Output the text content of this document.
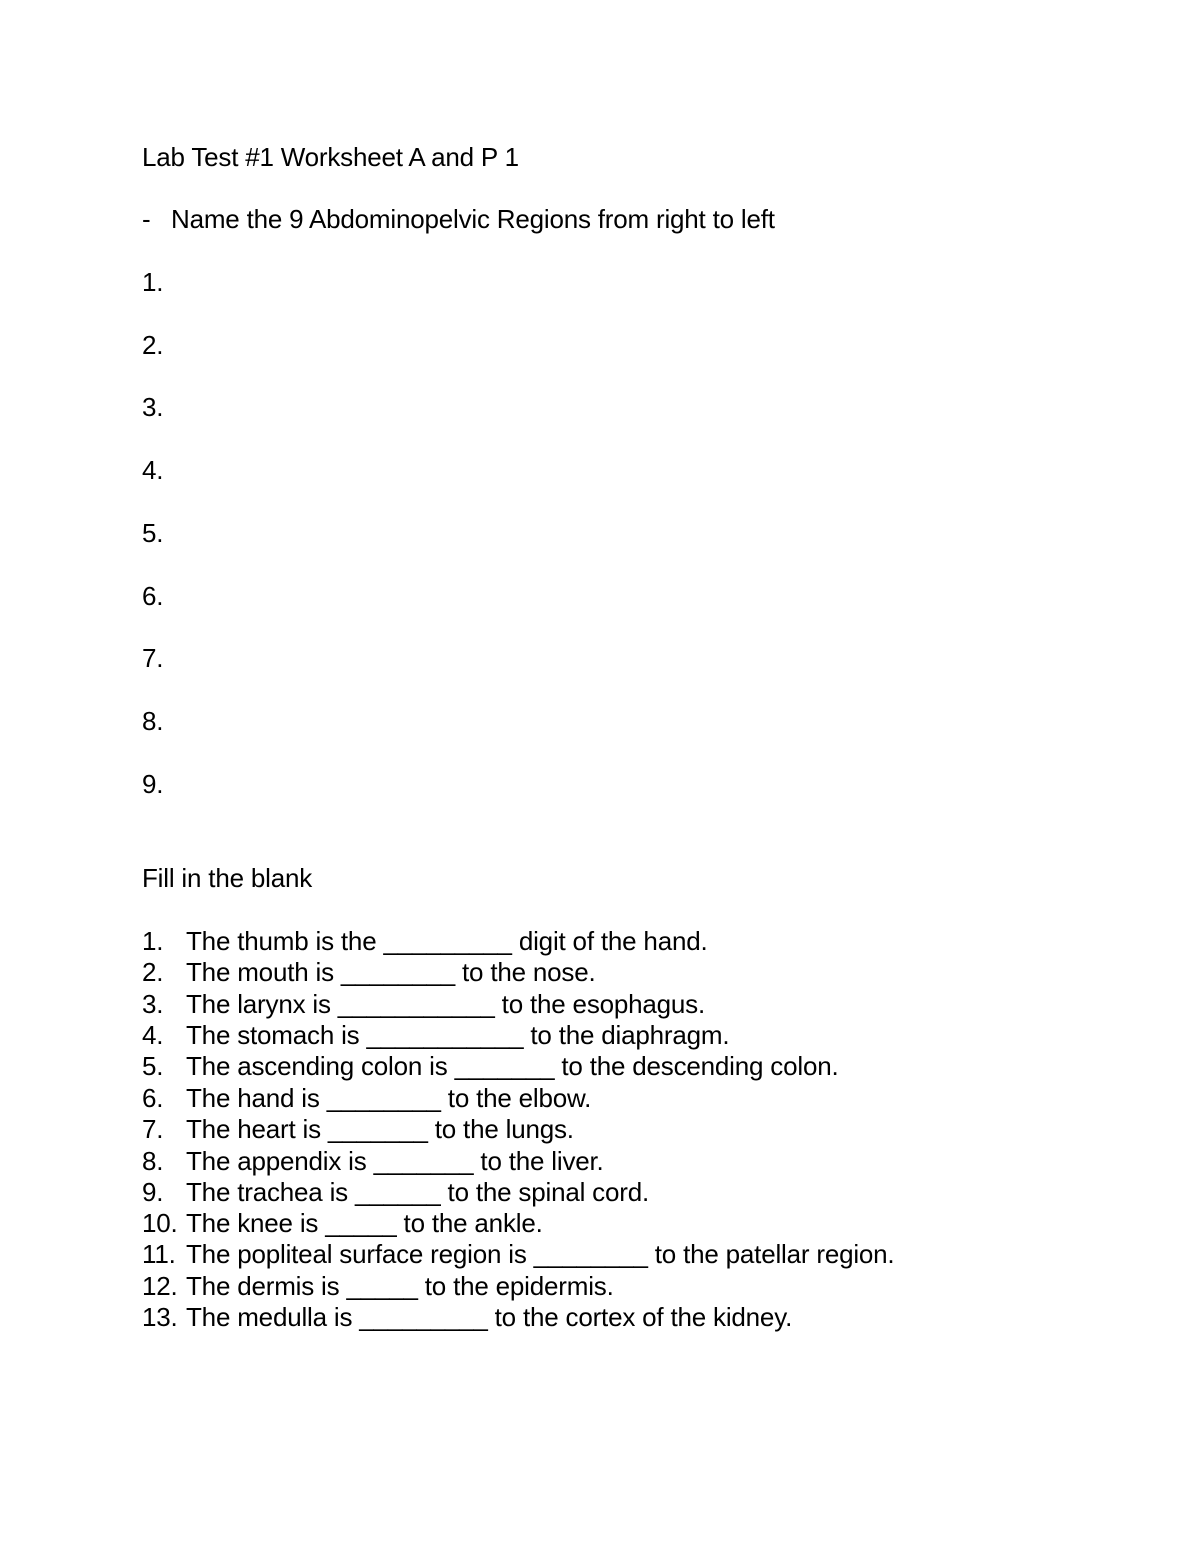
Lab Test #1 Worksheet A and P 1
- Name the 9 Abdominopelvic Regions from right to left
1.
2.
3.
4.
5.
6.
7.
8.
9.
Fill in the blank
1. The thumb is the _________ digit of the hand.
2. The mouth is ________ to the nose.
3. The larynx is ___________ to the esophagus.
4. The stomach is ___________ to the diaphragm.
5. The ascending colon is _______ to the descending colon.
6. The hand is ________ to the elbow.
7. The heart is _______ to the lungs.
8. The appendix is _______ to the liver.
9. The trachea is ______ to the spinal cord.
10. The knee is _____ to the ankle.
11. The popliteal surface region is ________ to the patellar region.
12. The dermis is _____ to the epidermis.
13. The medulla is _________ to the cortex of the kidney.
